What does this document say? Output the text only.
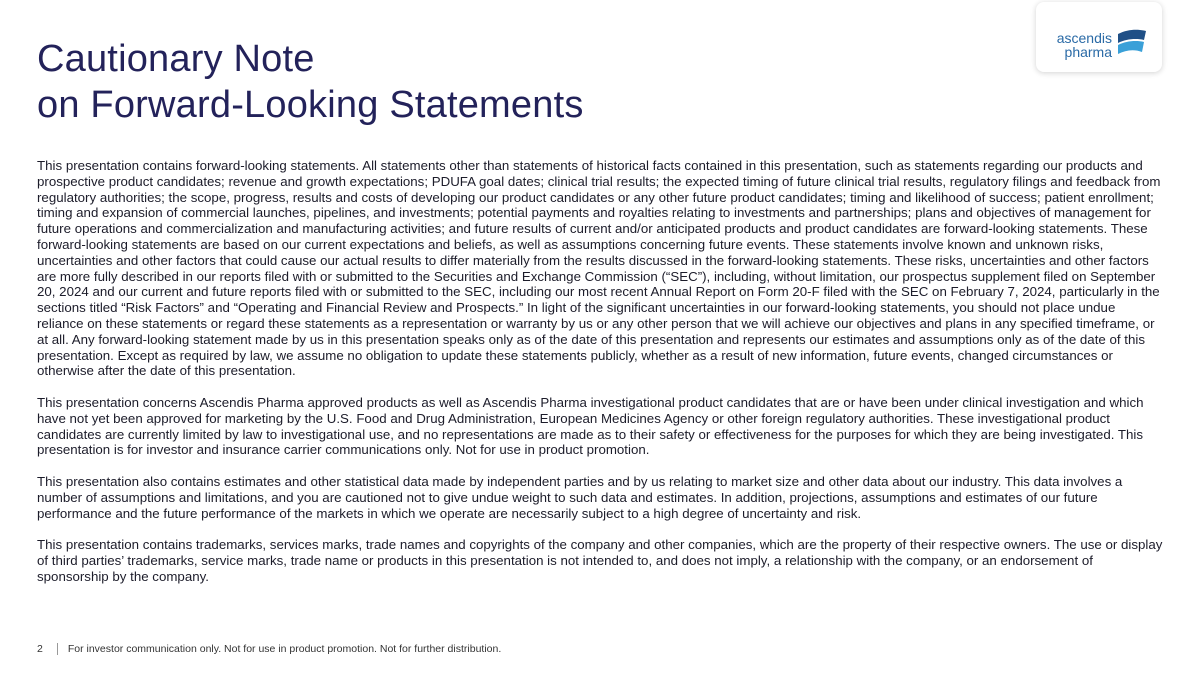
Cautionary Note
on Forward-Looking Statements
ascendis
pharma

This presentation contains forward-looking statements. All statements other than statements of historical facts contained in this presentation, such as statements regarding our products and prospective product candidates; revenue and growth expectations; PDUFA goal dates; clinical trial results; the expected timing of future clinical trial results, regulatory filings and feedback from regulatory authorities; the scope, progress, results and costs of developing our product candidates or any other future product candidates; timing and likelihood of success; patient enrollment; timing and expansion of commercial launches, pipelines, and investments; potential payments and royalties relating to investments and partnerships; plans and objectives of management for future operations and commercialization and manufacturing activities; and future results of current and/or anticipated products and product candidates are forward-looking statements. These forward-looking statements are based on our current expectations and beliefs, as well as assumptions concerning future events. These statements involve known and unknown risks, uncertainties and other factors that could cause our actual results to differ materially from the results discussed in the forward-looking statements. These risks, uncertainties and other factors are more fully described in our reports filed with or submitted to the Securities and Exchange Commission (“SEC”), including, without limitation, our prospectus supplement filed on September 20, 2024 and our current and future reports filed with or submitted to the SEC, including our most recent Annual Report on Form 20-F filed with the SEC on February 7, 2024, particularly in the sections titled “Risk Factors” and “Operating and Financial Review and Prospects.” In light of the significant uncertainties in our forward-looking statements, you should not place undue reliance on these statements or regard these statements as a representation or warranty by us or any other person that we will achieve our objectives and plans in any specified timeframe, or at all. Any forward-looking statement made by us in this presentation speaks only as of the date of this presentation and represents our estimates and assumptions only as of the date of this presentation. Except as required by law, we assume no obligation to update these statements publicly, whether as a result of new information, future events, changed circumstances or otherwise after the date of this presentation.

This presentation concerns Ascendis Pharma approved products as well as Ascendis Pharma investigational product candidates that are or have been under clinical investigation and which have not yet been approved for marketing by the U.S. Food and Drug Administration, European Medicines Agency or other foreign regulatory authorities. These investigational product candidates are currently limited by law to investigational use, and no representations are made as to their safety or effectiveness for the purposes for which they are being investigated. This presentation is for investor and insurance carrier communications only. Not for use in product promotion.

This presentation also contains estimates and other statistical data made by independent parties and by us relating to market size and other data about our industry. This data involves a number of assumptions and limitations, and you are cautioned not to give undue weight to such data and estimates. In addition, projections, assumptions and estimates of our future performance and the future performance of the markets in which we operate are necessarily subject to a high degree of uncertainty and risk.

This presentation contains trademarks, services marks, trade names and copyrights of the company and other companies, which are the property of their respective owners. The use or display of third parties’ trademarks, service marks, trade name or products in this presentation is not intended to, and does not imply, a relationship with the company, or an endorsement of sponsorship by the company.

2 For investor communication only. Not for use in product promotion. Not for further distribution.
